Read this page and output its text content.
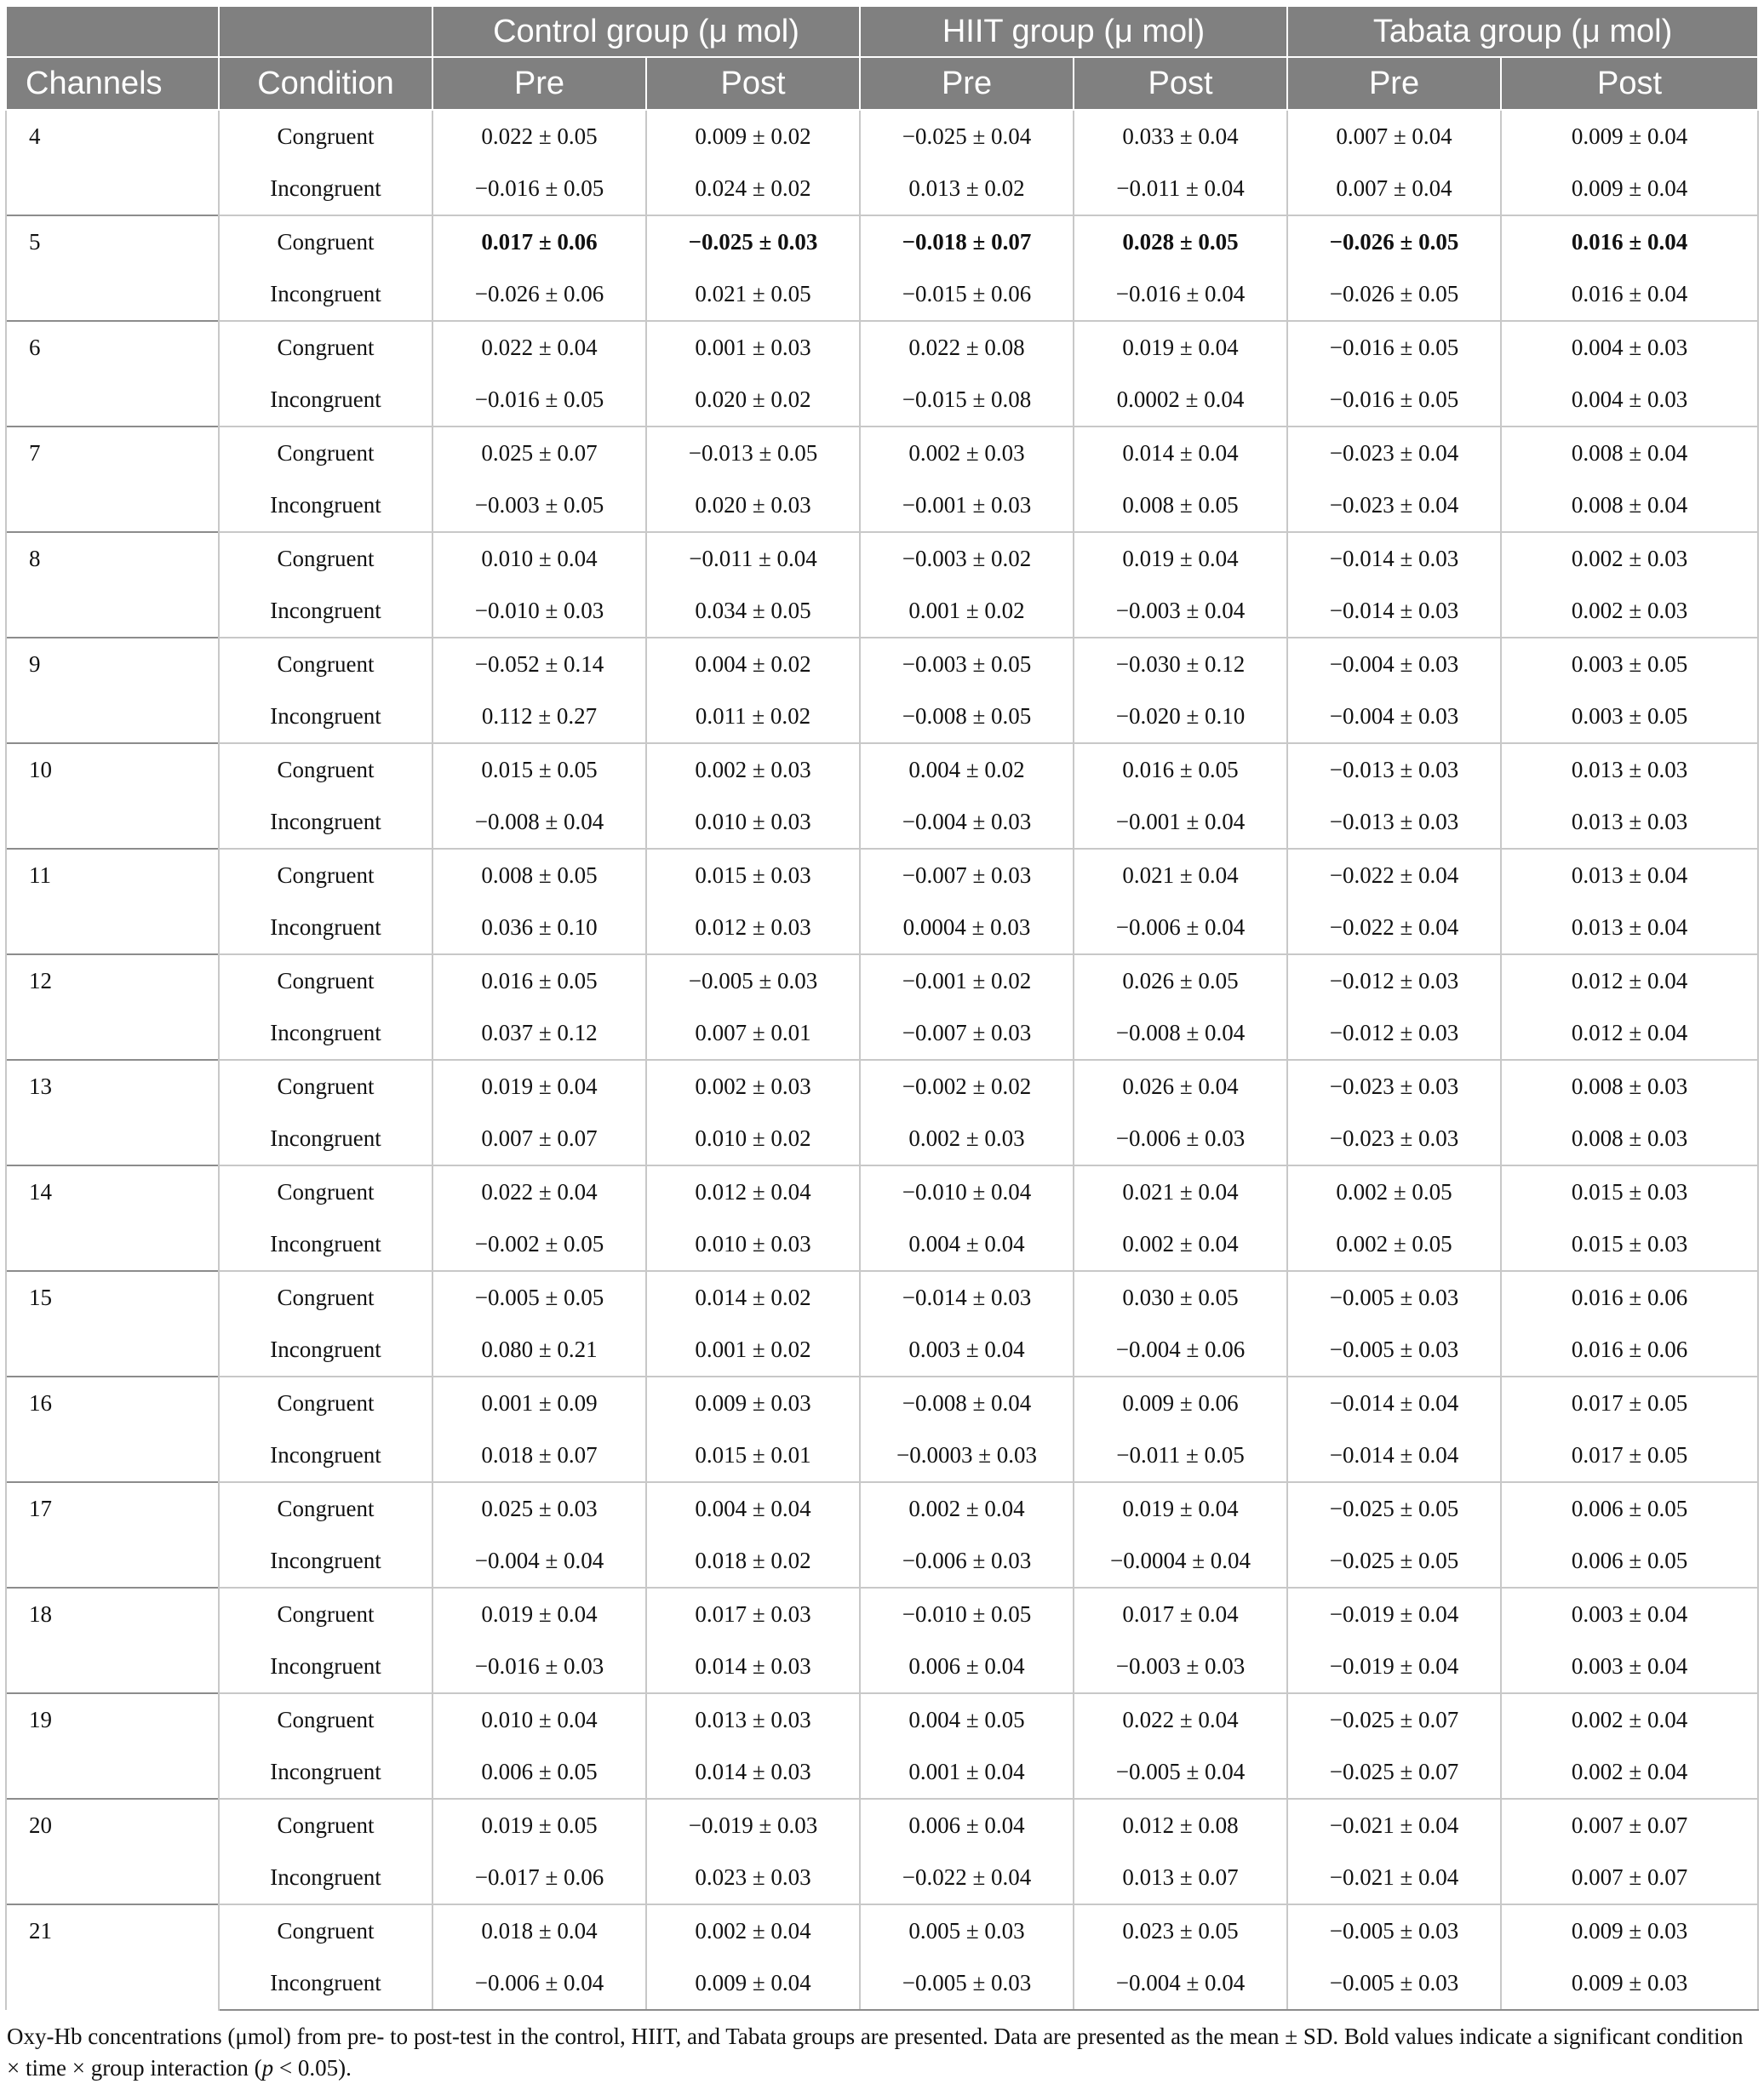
		Control group (μ mol)		HIIT group (μ mol)		Tabata group (μ mol)	
Channels	Condition	Pre	Post	Pre	Post	Pre	Post
4	Congruent	0.022 ± 0.05	0.009 ± 0.02	−0.025 ± 0.04	0.033 ± 0.04	0.007 ± 0.04	0.009 ± 0.04
	Incongruent	−0.016 ± 0.05	0.024 ± 0.02	0.013 ± 0.02	−0.011 ± 0.04	0.007 ± 0.04	0.009 ± 0.04
5	Congruent	0.017 ± 0.06	−0.025 ± 0.03	−0.018 ± 0.07	0.028 ± 0.05	−0.026 ± 0.05	0.016 ± 0.04
	Incongruent	−0.026 ± 0.06	0.021 ± 0.05	−0.015 ± 0.06	−0.016 ± 0.04	−0.026 ± 0.05	0.016 ± 0.04
6	Congruent	0.022 ± 0.04	0.001 ± 0.03	0.022 ± 0.08	0.019 ± 0.04	−0.016 ± 0.05	0.004 ± 0.03
	Incongruent	−0.016 ± 0.05	0.020 ± 0.02	−0.015 ± 0.08	0.0002 ± 0.04	−0.016 ± 0.05	0.004 ± 0.03
7	Congruent	0.025 ± 0.07	−0.013 ± 0.05	0.002 ± 0.03	0.014 ± 0.04	−0.023 ± 0.04	0.008 ± 0.04
	Incongruent	−0.003 ± 0.05	0.020 ± 0.03	−0.001 ± 0.03	0.008 ± 0.05	−0.023 ± 0.04	0.008 ± 0.04
8	Congruent	0.010 ± 0.04	−0.011 ± 0.04	−0.003 ± 0.02	0.019 ± 0.04	−0.014 ± 0.03	0.002 ± 0.03
	Incongruent	−0.010 ± 0.03	0.034 ± 0.05	0.001 ± 0.02	−0.003 ± 0.04	−0.014 ± 0.03	0.002 ± 0.03
9	Congruent	−0.052 ± 0.14	0.004 ± 0.02	−0.003 ± 0.05	−0.030 ± 0.12	−0.004 ± 0.03	0.003 ± 0.05
	Incongruent	0.112 ± 0.27	0.011 ± 0.02	−0.008 ± 0.05	−0.020 ± 0.10	−0.004 ± 0.03	0.003 ± 0.05
10	Congruent	0.015 ± 0.05	0.002 ± 0.03	0.004 ± 0.02	0.016 ± 0.05	−0.013 ± 0.03	0.013 ± 0.03
	Incongruent	−0.008 ± 0.04	0.010 ± 0.03	−0.004 ± 0.03	−0.001 ± 0.04	−0.013 ± 0.03	0.013 ± 0.03
11	Congruent	0.008 ± 0.05	0.015 ± 0.03	−0.007 ± 0.03	0.021 ± 0.04	−0.022 ± 0.04	0.013 ± 0.04
	Incongruent	0.036 ± 0.10	0.012 ± 0.03	0.0004 ± 0.03	−0.006 ± 0.04	−0.022 ± 0.04	0.013 ± 0.04
12	Congruent	0.016 ± 0.05	−0.005 ± 0.03	−0.001 ± 0.02	0.026 ± 0.05	−0.012 ± 0.03	0.012 ± 0.04
	Incongruent	0.037 ± 0.12	0.007 ± 0.01	−0.007 ± 0.03	−0.008 ± 0.04	−0.012 ± 0.03	0.012 ± 0.04
13	Congruent	0.019 ± 0.04	0.002 ± 0.03	−0.002 ± 0.02	0.026 ± 0.04	−0.023 ± 0.03	0.008 ± 0.03
	Incongruent	0.007 ± 0.07	0.010 ± 0.02	0.002 ± 0.03	−0.006 ± 0.03	−0.023 ± 0.03	0.008 ± 0.03
14	Congruent	0.022 ± 0.04	0.012 ± 0.04	−0.010 ± 0.04	0.021 ± 0.04	0.002 ± 0.05	0.015 ± 0.03
	Incongruent	−0.002 ± 0.05	0.010 ± 0.03	0.004 ± 0.04	0.002 ± 0.04	0.002 ± 0.05	0.015 ± 0.03
15	Congruent	−0.005 ± 0.05	0.014 ± 0.02	−0.014 ± 0.03	0.030 ± 0.05	−0.005 ± 0.03	0.016 ± 0.06
	Incongruent	0.080 ± 0.21	0.001 ± 0.02	0.003 ± 0.04	−0.004 ± 0.06	−0.005 ± 0.03	0.016 ± 0.06
16	Congruent	0.001 ± 0.09	0.009 ± 0.03	−0.008 ± 0.04	0.009 ± 0.06	−0.014 ± 0.04	0.017 ± 0.05
	Incongruent	0.018 ± 0.07	0.015 ± 0.01	−0.0003 ± 0.03	−0.011 ± 0.05	−0.014 ± 0.04	0.017 ± 0.05
17	Congruent	0.025 ± 0.03	0.004 ± 0.04	0.002 ± 0.04	0.019 ± 0.04	−0.025 ± 0.05	0.006 ± 0.05
	Incongruent	−0.004 ± 0.04	0.018 ± 0.02	−0.006 ± 0.03	−0.0004 ± 0.04	−0.025 ± 0.05	0.006 ± 0.05
18	Congruent	0.019 ± 0.04	0.017 ± 0.03	−0.010 ± 0.05	0.017 ± 0.04	−0.019 ± 0.04	0.003 ± 0.04
	Incongruent	−0.016 ± 0.03	0.014 ± 0.03	0.006 ± 0.04	−0.003 ± 0.03	−0.019 ± 0.04	0.003 ± 0.04
19	Congruent	0.010 ± 0.04	0.013 ± 0.03	0.004 ± 0.05	0.022 ± 0.04	−0.025 ± 0.07	0.002 ± 0.04
	Incongruent	0.006 ± 0.05	0.014 ± 0.03	0.001 ± 0.04	−0.005 ± 0.04	−0.025 ± 0.07	0.002 ± 0.04
20	Congruent	0.019 ± 0.05	−0.019 ± 0.03	0.006 ± 0.04	0.012 ± 0.08	−0.021 ± 0.04	0.007 ± 0.07
	Incongruent	−0.017 ± 0.06	0.023 ± 0.03	−0.022 ± 0.04	0.013 ± 0.07	−0.021 ± 0.04	0.007 ± 0.07
21	Congruent	0.018 ± 0.04	0.002 ± 0.04	0.005 ± 0.03	0.023 ± 0.05	−0.005 ± 0.03	0.009 ± 0.03
	Incongruent	−0.006 ± 0.04	0.009 ± 0.04	−0.005 ± 0.03	−0.004 ± 0.04	−0.005 ± 0.03	0.009 ± 0.03
Oxy-Hb concentrations (μmol) from pre- to post-test in the control, HIIT, and Tabata groups are presented. Data are presented as the mean ± SD. Bold values indicate a significant condition × time × group interaction (p < 0.05).
